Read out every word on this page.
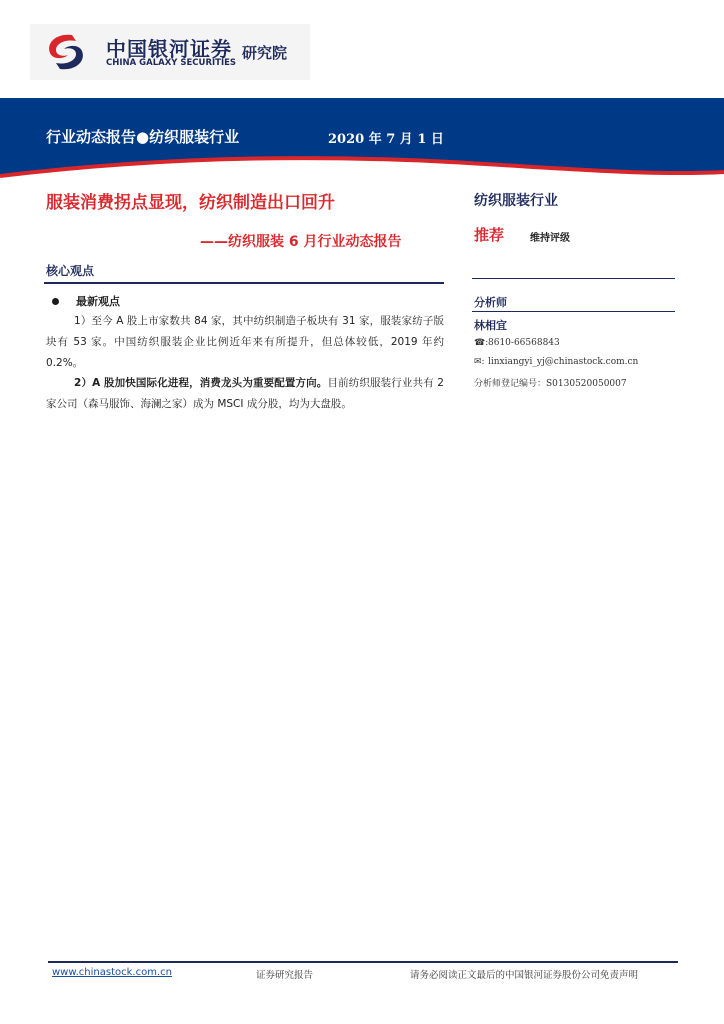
中国银河证券
CHINA GALAXY SECURITIES
研究院
行业动态报告●纺织服装行业	2020 年 7 月 1 日
服装消费拐点显现，纺织制造出口回升
——纺织服装 6 月行业动态报告
核心观点
最新观点
1）至今 A 股上市家数共 84 家，其中纺织制造子板块有 31 家，服装家纺子版块有 53 家。中国纺织服装企业比例近年来有所提升，但总体较低，2019 年约 0.2%。
2）A 股加快国际化进程，消费龙头为重要配置方向。目前纺织服装行业共有 2 家公司（森马服饰、海澜之家）成为 MSCI 成分股，均为大盘股。
纺织服装行业
推荐	维持评级
分析师
林相宜
☎:8610-66568843
✉: linxiangyi_yj@chinastock.com.cn
分析师登记编号：S0130520050007
www.chinastock.com.cn	证券研究报告	请务必阅读正文最后的中国银河证券股份公司免责声明
